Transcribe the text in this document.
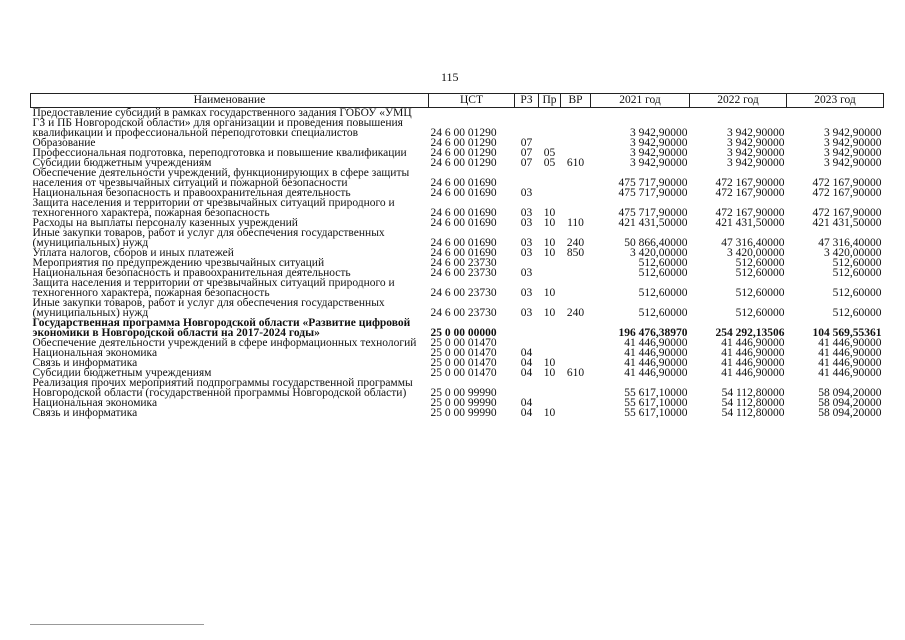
115
Наименование	ЦСТ	РЗ	Пр	ВР	2021 год	2022 год	2023 год
Предоставление субсидий в рамках государственного задания ГОБОУ «УМЦ ГЗ и ПБ Новгородской области» для организации и проведения повышения квалификации и профессиональной переподготовки специалистов	24 6 00 01290				3 942,90000	3 942,90000	3 942,90000
Образование	24 6 00 01290	07			3 942,90000	3 942,90000	3 942,90000
Профессиональная подготовка, переподготовка и повышение квалификации	24 6 00 01290	07	05		3 942,90000	3 942,90000	3 942,90000
Субсидии бюджетным учреждениям	24 6 00 01290	07	05	610	3 942,90000	3 942,90000	3 942,90000
Обеспечение деятельности учреждений, функционирующих в сфере защиты населения от чрезвычайных ситуаций и пожарной безопасности	24 6 00 01690				475 717,90000	472 167,90000	472 167,90000
Национальная безопасность и правоохранительная деятельность	24 6 00 01690	03			475 717,90000	472 167,90000	472 167,90000
Защита населения и территории от чрезвычайных ситуаций природного и техногенного характера, пожарная безопасность	24 6 00 01690	03	10		475 717,90000	472 167,90000	472 167,90000
Расходы на выплаты персоналу казенных учреждений	24 6 00 01690	03	10	110	421 431,50000	421 431,50000	421 431,50000
Иные закупки товаров, работ и услуг для обеспечения государственных (муниципальных) нужд	24 6 00 01690	03	10	240	50 866,40000	47 316,40000	47 316,40000
Уплата налогов, сборов и иных платежей	24 6 00 01690	03	10	850	3 420,00000	3 420,00000	3 420,00000
Мероприятия по предупреждению чрезвычайных ситуаций	24 6 00 23730				512,60000	512,60000	512,60000
Национальная безопасность и правоохранительная деятельность	24 6 00 23730	03			512,60000	512,60000	512,60000
Защита населения и территории от чрезвычайных ситуаций природного и техногенного характера, пожарная безопасность	24 6 00 23730	03	10		512,60000	512,60000	512,60000
Иные закупки товаров, работ и услуг для обеспечения государственных (муниципальных) нужд	24 6 00 23730	03	10	240	512,60000	512,60000	512,60000
Государственная программа Новгородской области «Развитие цифровой экономики в Новгородской области на 2017-2024 годы»	25 0 00 00000				196 476,38970	254 292,13506	104 569,55361
Обеспечение деятельности учреждений в сфере информационных технологий	25 0 00 01470				41 446,90000	41 446,90000	41 446,90000
Национальная экономика	25 0 00 01470	04			41 446,90000	41 446,90000	41 446,90000
Связь и информатика	25 0 00 01470	04	10		41 446,90000	41 446,90000	41 446,90000
Субсидии бюджетным учреждениям	25 0 00 01470	04	10	610	41 446,90000	41 446,90000	41 446,90000
Реализация прочих мероприятий подпрограммы государственной программы Новгородской области (государственной программы Новгородской области)	25 0 00 99990				55 617,10000	54 112,80000	58 094,20000
Национальная экономика	25 0 00 99990	04			55 617,10000	54 112,80000	58 094,20000
Связь и информатика	25 0 00 99990	04	10		55 617,10000	54 112,80000	58 094,20000
